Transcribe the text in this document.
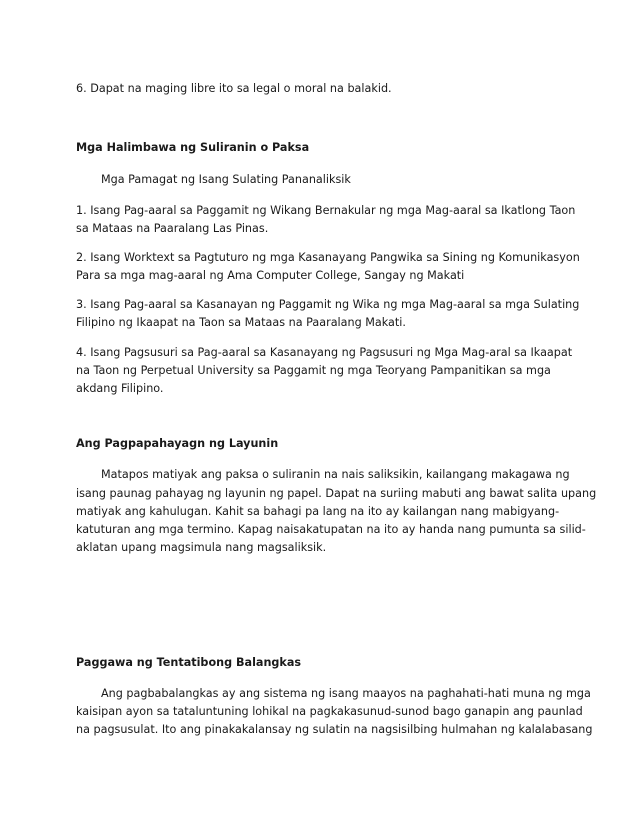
6. Dapat na maging libre ito sa legal o moral na balakid.
Mga Halimbawa ng Suliranin o Paksa
Mga Pamagat ng Isang Sulating Pananaliksik
1. Isang Pag-aaral sa Paggamit ng Wikang Bernakular ng mga Mag-aaral sa Ikatlong Taon
sa Mataas na Paaralang Las Pinas.
2. Isang Worktext sa Pagtuturo ng mga Kasanayang Pangwika sa Sining ng Komunikasyon
Para sa mga mag-aaral ng Ama Computer College, Sangay ng Makati
3. Isang Pag-aaral sa Kasanayan ng Paggamit ng Wika ng mga Mag-aaral sa mga Sulating
Filipino ng Ikaapat na Taon sa Mataas na Paaralang Makati.
4. Isang Pagsusuri sa Pag-aaral sa Kasanayang ng Pagsusuri ng Mga Mag-aral sa Ikaapat
na Taon ng Perpetual University sa Paggamit ng mga Teoryang Pampanitikan sa mga
akdang Filipino.
Ang Pagpapahayagn ng Layunin
Matapos matiyak ang paksa o suliranin na nais saliksikin, kailangang makagawa ng
isang paunag pahayag ng layunin ng papel. Dapat na suriing mabuti ang bawat salita upang
matiyak ang kahulugan. Kahit sa bahagi pa lang na ito ay kailangan nang mabigyang-
katuturan ang mga termino. Kapag naisakatupatan na ito ay handa nang pumunta sa silid-
aklatan upang magsimula nang magsaliksik.
Paggawa ng Tentatibong Balangkas
Ang pagbabalangkas ay ang sistema ng isang maayos na paghahati-hati muna ng mga
kaisipan ayon sa tataluntuning lohikal na pagkakasunud-sunod bago ganapin ang paunlad
na pagsusulat. Ito ang pinakakalansay ng sulatin na nagsisilbing hulmahan ng kalalabasang
